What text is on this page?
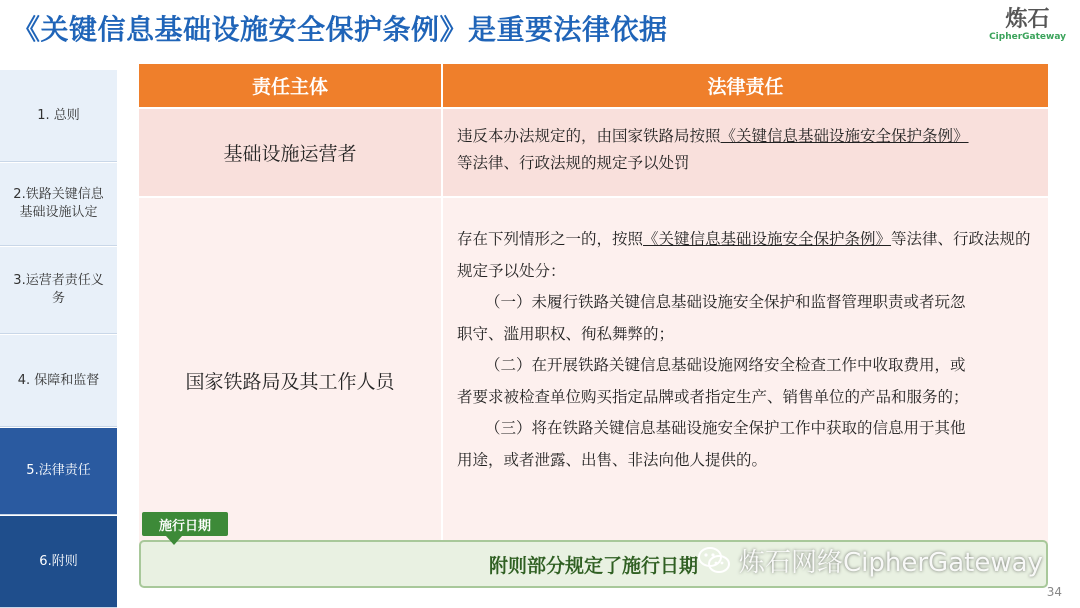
《关键信息基础设施安全保护条例》是重要法律依据	炼石
CipherGateway
1. 总则
2.铁路关键信息基础设施认定
3.运营者责任义务
4. 保障和监督
5.法律责任
6.附则
责任主体	法律责任
基础设施运营者
违反本办法规定的，由国家铁路局按照《关键信息基础设施安全保护条例》
等法律、行政法规的规定予以处罚
国家铁路局及其工作人员
存在下列情形之一的，按照《关键信息基础设施安全保护条例》等法律、行政法规的规定予以处分：
（一）未履行铁路关键信息基础设施安全保护和监督管理职责或者玩忽
职守、滥用职权、徇私舞弊的；
（二）在开展铁路关键信息基础设施网络安全检查工作中收取费用，或
者要求被检查单位购买指定品牌或者指定生产、销售单位的产品和服务的；
（三）将在铁路关键信息基础设施安全保护工作中获取的信息用于其他
用途，或者泄露、出售、非法向他人提供的。
附则部分规定了施行日期
施行日期
炼石网络CipherGateway
34
